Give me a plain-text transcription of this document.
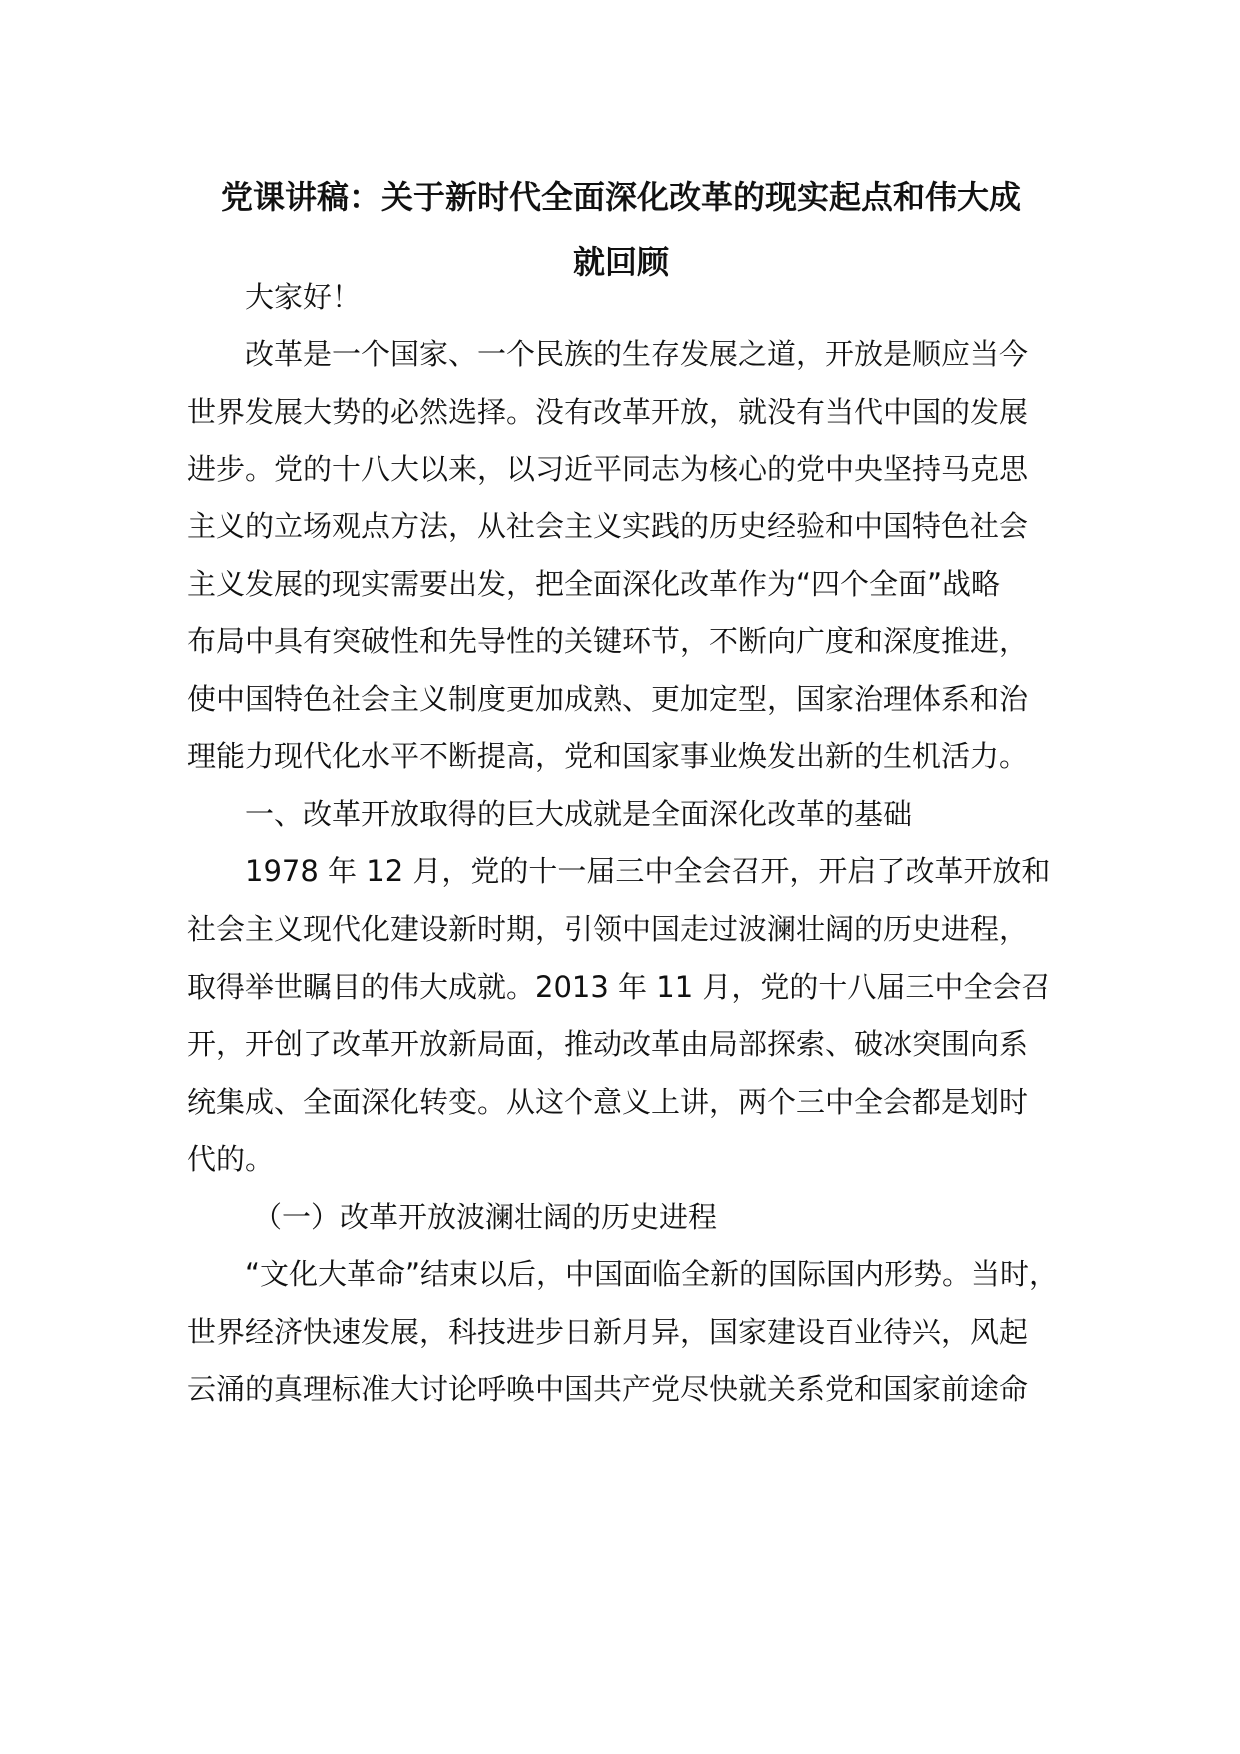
党课讲稿：关于新时代全面深化改革的现实起点和伟大成
就回顾
大家好！
改革是一个国家、一个民族的生存发展之道，开放是顺应当今
世界发展大势的必然选择。没有改革开放，就没有当代中国的发展
进步。党的十八大以来，以习近平同志为核心的党中央坚持马克思
主义的立场观点方法，从社会主义实践的历史经验和中国特色社会
主义发展的现实需要出发，把全面深化改革作为“四个全面”战略
布局中具有突破性和先导性的关键环节，不断向广度和深度推进，
使中国特色社会主义制度更加成熟、更加定型，国家治理体系和治
理能力现代化水平不断提高，党和国家事业焕发出新的生机活力。
一、改革开放取得的巨大成就是全面深化改革的基础
1978 年 12 月，党的十一届三中全会召开，开启了改革开放和
社会主义现代化建设新时期，引领中国走过波澜壮阔的历史进程，
取得举世瞩目的伟大成就。2013 年 11 月，党的十八届三中全会召
开，开创了改革开放新局面，推动改革由局部探索、破冰突围向系
统集成、全面深化转变。从这个意义上讲，两个三中全会都是划时
代的。
（一）改革开放波澜壮阔的历史进程
“文化大革命”结束以后，中国面临全新的国际国内形势。当时，
世界经济快速发展，科技进步日新月异，国家建设百业待兴，风起
云涌的真理标准大讨论呼唤中国共产党尽快就关系党和国家前途命
